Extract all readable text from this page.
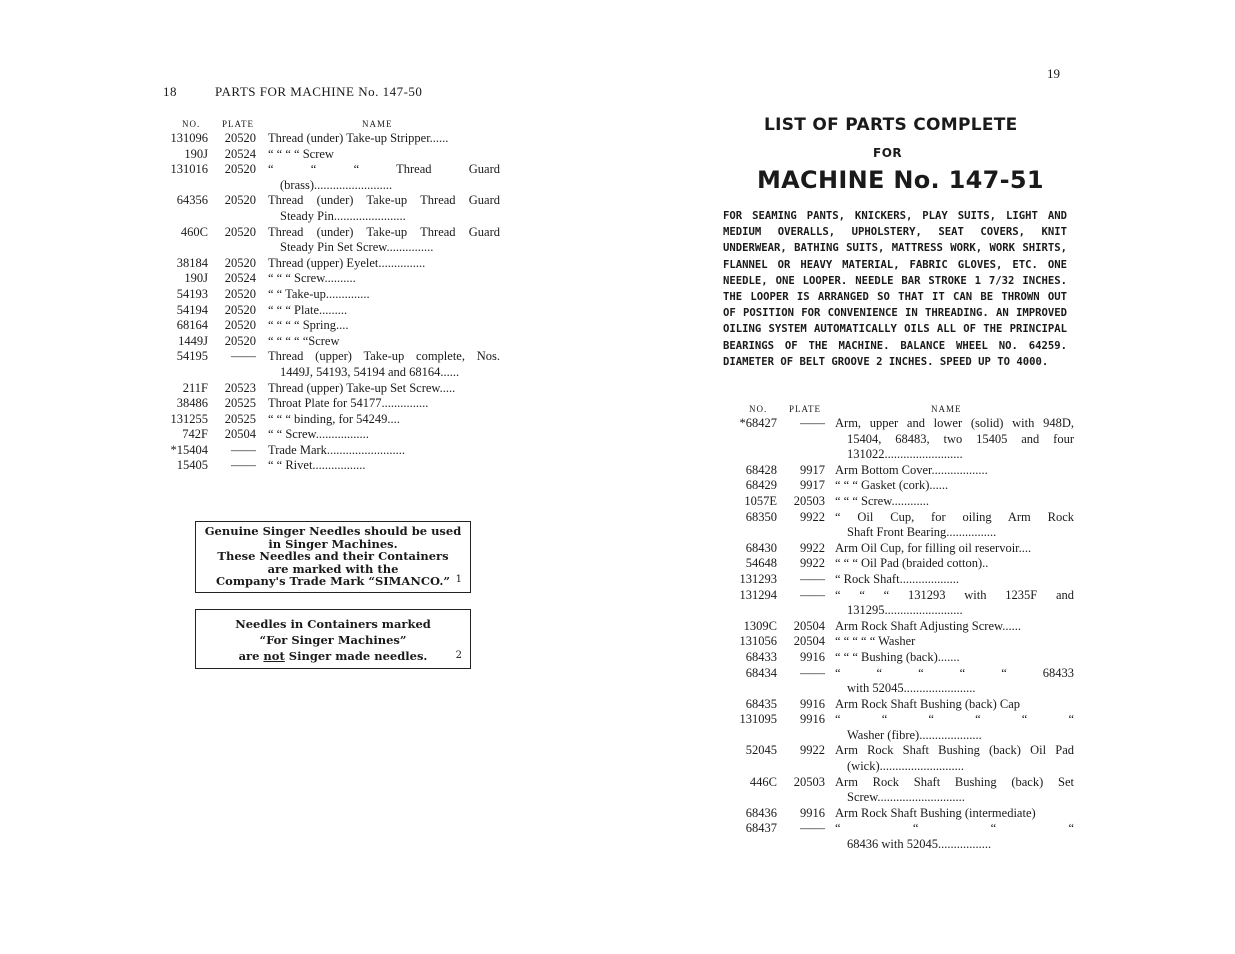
18	PARTS FOR MACHINE No. 147-50
NO. PLATE	NAME
131096	20520 Thread (under) Take-up Stripper......
190J	20524 “ “ “ “ Screw
131016	20520 “ “ “ Thread Guard
(brass).........................
64356	20520 Thread (under) Take-up Thread Guard
Steady Pin.......................
460C	20520 Thread (under) Take-up Thread Guard
Steady Pin Set Screw...............
38184	20520 Thread (upper) Eyelet...............
190J	20524 “ “ “ Screw..........
54193	20520 “ “ Take-up..............
54194	20520 “ “ “ Plate.........
68164	20520 “ “ “ “ Spring....
1449J	20520 “ “ “ “ “Screw
54195	—— Thread (upper) Take-up complete, Nos.
1449J, 54193, 54194 and 68164......
211F	20523 Thread (upper) Take-up Set Screw.....
38486	20525 Throat Plate for 54177...............
131255	20525 “ “ “ binding, for 54249....
742F	20504 “ “ Screw.................
*15404	—— Trade Mark.........................
15405	—— “ “ Rivet.................
Genuine Singer Needles should be used
in Singer Machines.
These Needles and their Containers
are marked with the
Company's Trade Mark “SIMANCO.” 1
Needles in Containers marked
“For Singer Machines”
are not Singer made needles.	2
19
LIST OF PARTS COMPLETE
FOR
MACHINE No. 147-51
FOR SEAMING PANTS, KNICKERS, PLAY SUITS, LIGHT AND MEDIUM OVERALLS, UPHOLSTERY, SEAT COVERS, KNIT UNDERWEAR, BATHING SUITS, MATTRESS WORK, WORK SHIRTS, FLANNEL OR HEAVY MATERIAL, FABRIC GLOVES, ETC. ONE NEEDLE, ONE LOOPER. NEEDLE BAR STROKE 1 7/32 INCHES. THE LOOPER IS ARRANGED SO THAT IT CAN BE THROWN OUT OF POSITION FOR CONVENIENCE IN THREADING. AN IMPROVED OILING SYSTEM AUTOMATICALLY OILS ALL OF THE PRINCIPAL BEARINGS OF THE MACHINE. BALANCE WHEEL NO. 64259. DIAMETER OF BELT GROOVE 2 INCHES. SPEED UP TO 4000.
NO. PLATE	NAME
*68427	—— Arm, upper and lower (solid) with 948D,
15404, 68483, two 15405 and four
131022.........................
68428	9917 Arm Bottom Cover..................
68429	9917 “ “ “ Gasket (cork)......
1057E	20503 “ “ “ Screw............
68350	9922 “ Oil Cup, for oiling Arm Rock
Shaft Front Bearing................
68430	9922 Arm Oil Cup, for filling oil reservoir....
54648	9922 “ “ “ Oil Pad (braided cotton)..
131293	—— “ Rock Shaft...................
131294	—— “ “ “ 131293 with 1235F and
131295.........................
1309C	20504 Arm Rock Shaft Adjusting Screw......
131056	20504 “ “ “ “ “ Washer
68433	9916 “ “ “ Bushing (back).......
68434	—— “ “ “ “ “ 68433
with 52045.......................
68435	9916 Arm Rock Shaft Bushing (back) Cap
131095	9916 “ “ “ “ “ “
Washer (fibre)....................
52045	9922 Arm Rock Shaft Bushing (back) Oil Pad
(wick)...........................
446C	20503 Arm Rock Shaft Bushing (back) Set
Screw............................
68436	9916 Arm Rock Shaft Bushing (intermediate)
68437	—— “ “ “ “
68436 with 52045.................
